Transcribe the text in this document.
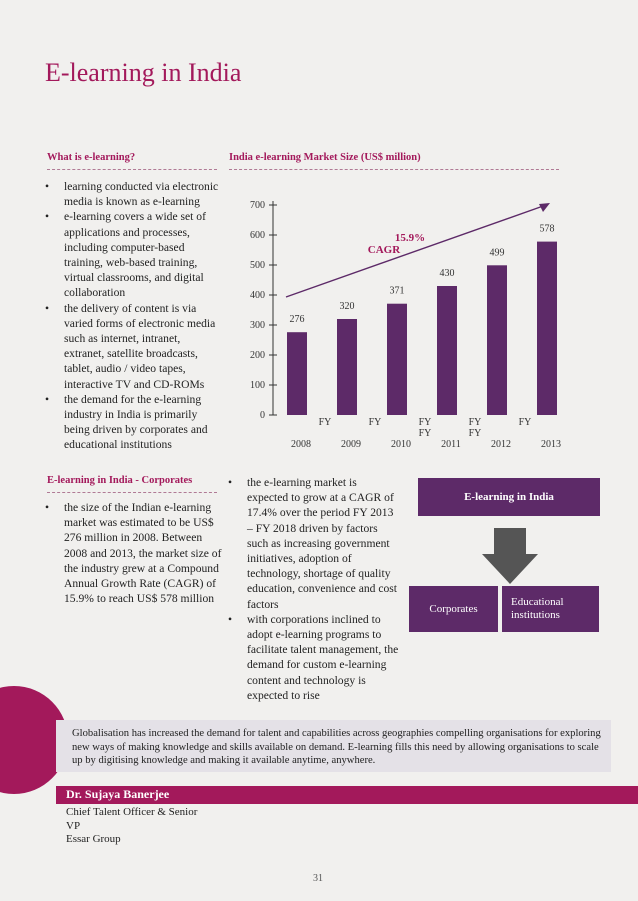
E-learning in India
What is e-learning?
• learning conducted via electronic media is known as e-learning
• e-learning covers a wide set of applications and processes, including computer-based training, web-based training, virtual classrooms, and digital collaboration
• the delivery of content is via varied forms of electronic media such as internet, intranet, extranet, satellite broadcasts, tablet, audio / video tapes, interactive TV and CD-ROMs
• the demand for the e-learning industry in India is primarily being driven by corporates and educational institutions
India e-learning Market Size (US$ million)
0
100
200
300
400
500
600
700
276
FY
2008
320
FY
2009
371
FY
2010
430
FY
2011
499
FY
2012
578
2013
FY	FY
15.9%
CAGR
E-learning in India - Corporates
• the size of the Indian e-learning market was estimated to be US$ 276 million in 2008. Between 2008 and 2013, the market size of the industry grew at a Compound Annual Growth Rate (CAGR) of 15.9% to reach US$ 578 million
• the e-learning market is expected to grow at a CAGR of 17.4% over the period FY 2013 – FY 2018 driven by factors such as increasing government initiatives, adoption of technology, shortage of quality education, convenience and cost factors
• with corporations inclined to adopt e-learning programs to facilitate talent management, the demand for custom e-learning content and technology is expected to rise
E-learning in India
Corporates
Educational
institutions
Globalisation has increased the demand for talent and capabilities across geographies compelling organisations for exploring new ways of making knowledge and skills available on demand. E-learning fills this need by allowing organisations to scale up by digitising knowledge and making it available anytime, anywhere.
Dr. Sujaya Banerjee
Chief Talent Officer & Senior
VP
Essar Group
31
